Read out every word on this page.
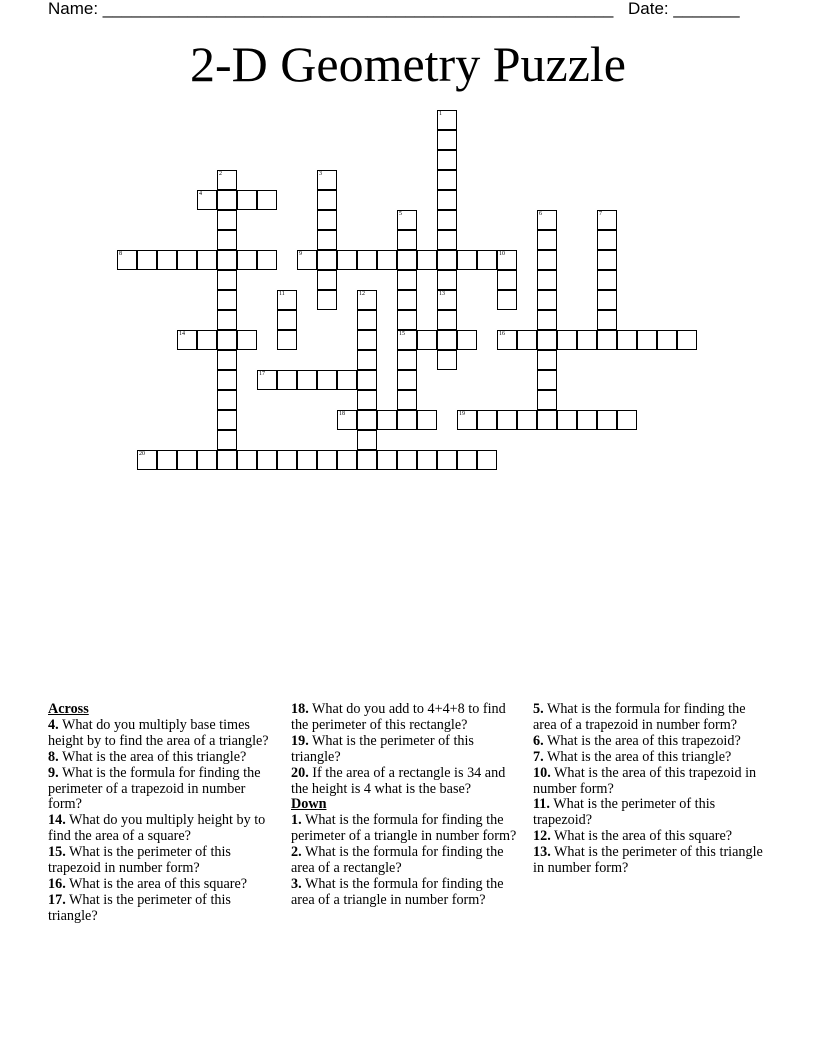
Name: ______________________________________________________ Date: _______
2-D Geometry Puzzle
1
13
2	3
4
5
15
6	7
8	9	10
11	12
14	16
17
18	19
20
Across
4. What do you multiply base times height by to find the area of a triangle?
8. What is the area of this triangle?
9. What is the formula for finding the perimeter of a trapezoid in number form?
14. What do you multiply height by to find the area of a square?
15. What is the perimeter of this trapezoid in number form?
16. What is the area of this square?
17. What is the perimeter of this triangle?
18. What do you add to 4+4+8 to find the perimeter of this rectangle?
19. What is the perimeter of this triangle?
20. If the area of a rectangle is 34 and the height is 4 what is the base?
Down
1. What is the formula for finding the perimeter of a triangle in number form?
2. What is the formula for finding the area of a rectangle?
3. What is the formula for finding the area of a triangle in number form?
5. What is the formula for finding the area of a trapezoid in number form?
6. What is the area of this trapezoid?
7. What is the area of this triangle?
10. What is the area of this trapezoid in number form?
11. What is the perimeter of this trapezoid?
12. What is the area of this square?
13. What is the perimeter of this triangle in number form?
